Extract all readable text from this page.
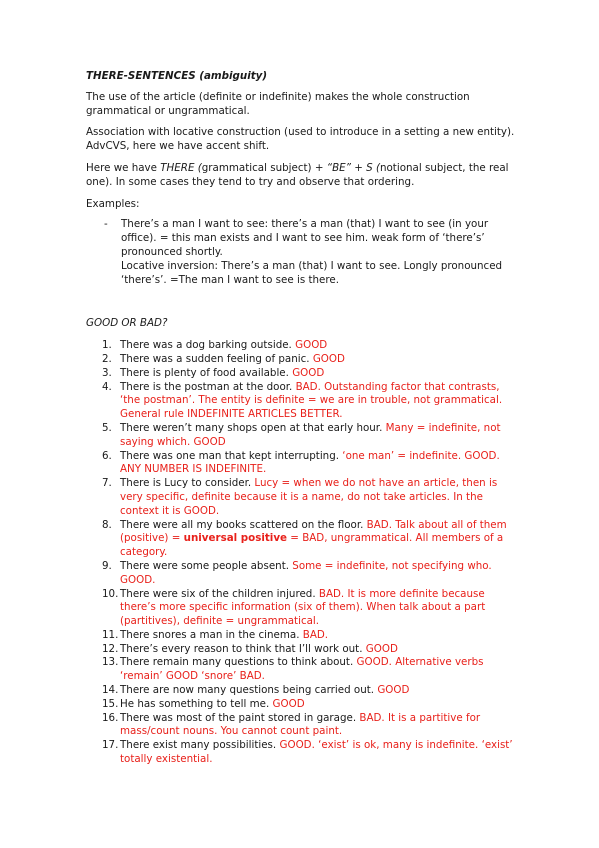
THERE-SENTENCES (ambiguity)

The use of the article (definite or indefinite) makes the whole construction grammatical or ungrammatical.

Association with locative construction (used to introduce in a setting a new entity). AdvCVS, here we have accent shift.

Here we have THERE (grammatical subject) + “BE” + S (notional subject, the real one). In some cases they tend to try and observe that ordering.

Examples:

- There’s a man I want to see: there’s a man (that) I want to see (in your office). = this man exists and I want to see him. weak form of ‘there’s’ pronounced shortly.
Locative inversion: There’s a man (that) I want to see. Longly pronounced ‘there’s’. =The man I want to see is there.

GOOD OR BAD?

1. There was a dog barking outside. GOOD
2. There was a sudden feeling of panic. GOOD
3. There is plenty of food available. GOOD
4. There is the postman at the door. BAD. Outstanding factor that contrasts, ‘the postman’. The entity is definite = we are in trouble, not grammatical. General rule INDEFINITE ARTICLES BETTER.
5. There weren’t many shops open at that early hour. Many = indefinite, not saying which. GOOD
6. There was one man that kept interrupting. ‘one man’ = indefinite. GOOD. ANY NUMBER IS INDEFINITE.
7. There is Lucy to consider. Lucy = when we do not have an article, then is very specific, definite because it is a name, do not take articles. In the context it is GOOD.
8. There were all my books scattered on the floor. BAD. Talk about all of them (positive) = universal positive = BAD, ungrammatical. All members of a category.
9. There were some people absent. Some = indefinite, not specifying who. GOOD.
10. There were six of the children injured. BAD. It is more definite because there’s more specific information (six of them). When talk about a part (partitives), definite = ungrammatical.
11. There snores a man in the cinema. BAD.
12. There’s every reason to think that I’ll work out. GOOD
13. There remain many questions to think about. GOOD. Alternative verbs ‘remain’ GOOD ‘snore’ BAD.
14. There are now many questions being carried out. GOOD
15. He has something to tell me. GOOD
16. There was most of the paint stored in garage. BAD. It is a partitive for mass/count nouns. You cannot count paint.
17. There exist many possibilities. GOOD. ‘exist’ is ok, many is indefinite. ‘exist’ totally existential.
